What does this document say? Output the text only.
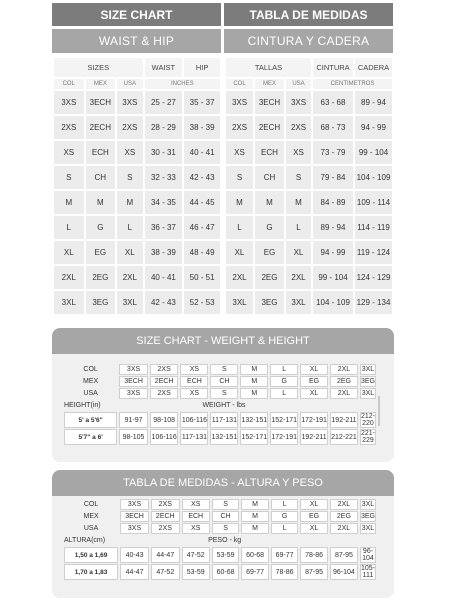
SIZE CHART	TABLA DE MEDIDAS
WAIST & HIP	CINTURA Y CADERA
SIZES			WAIST	HIP
COL	MEX	USA	INCHES	
3XS	3ECH	3XS	25 - 27	35 - 37
2XS	2ECH	2XS	28 - 29	38 - 39
XS	ECH	XS	30 - 31	40 - 41
S	CH	S	32 - 33	42 - 43
M	M	M	34 - 35	44 - 45
L	G	L	36 - 37	46 - 47
XL	EG	XL	38 - 39	48 - 49
2XL	2EG	2XL	40 - 41	50 - 51
3XL	3EG	3XL	42 - 43	52 - 53
TALLAS			CINTURA	CADERA
COL	MEX	USA	CENTIMETROS	
3XS	3ECH	3XS	63 - 68	89 - 94
2XS	2ECH	2XS	68 - 73	94 - 99
XS	ECH	XS	73 - 79	99 - 104
S	CH	S	79 - 84	104 - 109
M	M	M	84 - 89	109 - 114
L	G	L	89 - 94	114 - 119
XL	EG	XL	94 - 99	119 - 124
2XL	2EG	2XL	99 - 104	124 - 129
3XL	3EG	3XL	104 - 109	129 - 134
SIZE CHART - WEIGHT & HEIGHT
COL	3XS	2XS	XS	S	M	L	XL	2XL	3XL
MEX	3ECH	2ECH	ECH	CH	M	G	EG	2EG	3EG
USA	3XS	2XS	XS	S	M	L	XL	2XL	3XL
HEIGHT(in)		WEIGHT - lbs							
5' a 5'6"	91-97	98-108	106-116	117-131	132-151	152-171	172-191	192-211	212-220
5'7" a 6'	98-105	106-116	117-131	132-151	152-171	172-191	192-211	212-221	221-229
TABLA DE MEDIDAS - ALTURA Y PESO
COL	3XS	2XS	XS	S	M	L	XL	2XL	3XL
MEX	3ECH	2ECH	ECH	CH	M	G	EG	2EG	3EG
USA	3XS	2XS	XS	S	M	L	XL	2XL	3XL
ALTURA(cm)		PESO - kg							
1,50 a 1,69	40-43	44-47	47-52	53-59	60-68	69-77	78-86	87-95	96-104
1,70 a 1,83	44-47	47-52	53-59	60-68	69-77	78-86	87-95	96-104	105-111
